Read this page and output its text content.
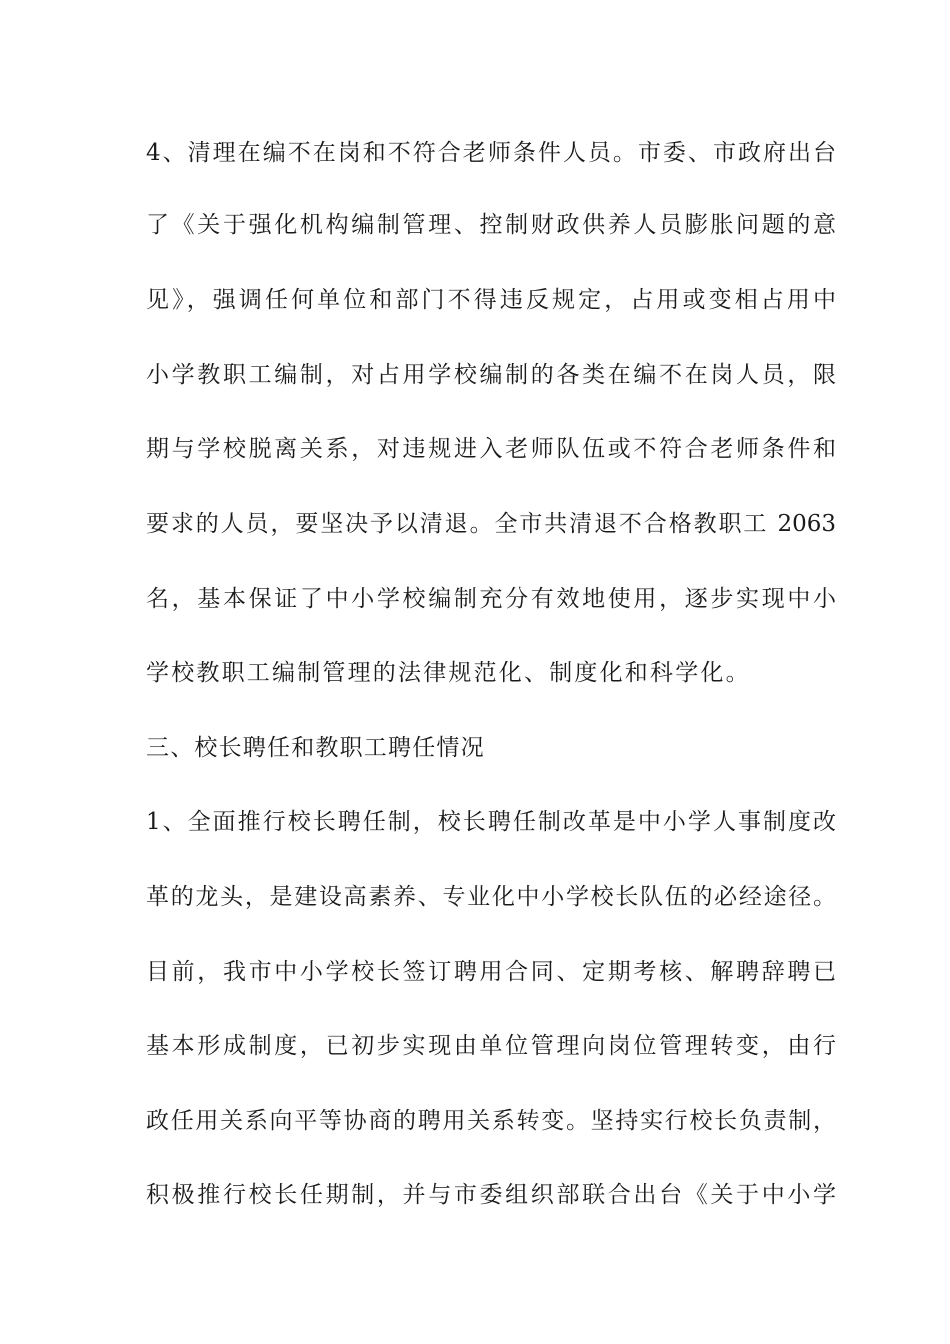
4、清理在编不在岗和不符合老师条件人员。市委、市政府出台
了《关于强化机构编制管理、控制财政供养人员膨胀问题的意
见》，强调任何单位和部门不得违反规定，占用或变相占用中
小学教职工编制，对占用学校编制的各类在编不在岗人员，限
期与学校脱离关系，对违规进入老师队伍或不符合老师条件和
要求的人员，要坚决予以清退。全市共清退不合格教职工 2063
名，基本保证了中小学校编制充分有效地使用，逐步实现中小
学校教职工编制管理的法律规范化、制度化和科学化。
三、校长聘任和教职工聘任情况
1、全面推行校长聘任制，校长聘任制改革是中小学人事制度改
革的龙头，是建设高素养、专业化中小学校长队伍的必经途径。
目前，我市中小学校长签订聘用合同、定期考核、解聘辞聘已
基本形成制度，已初步实现由单位管理向岗位管理转变，由行
政任用关系向平等协商的聘用关系转变。坚持实行校长负责制，
积极推行校长任期制，并与市委组织部联合出台《关于中小学
